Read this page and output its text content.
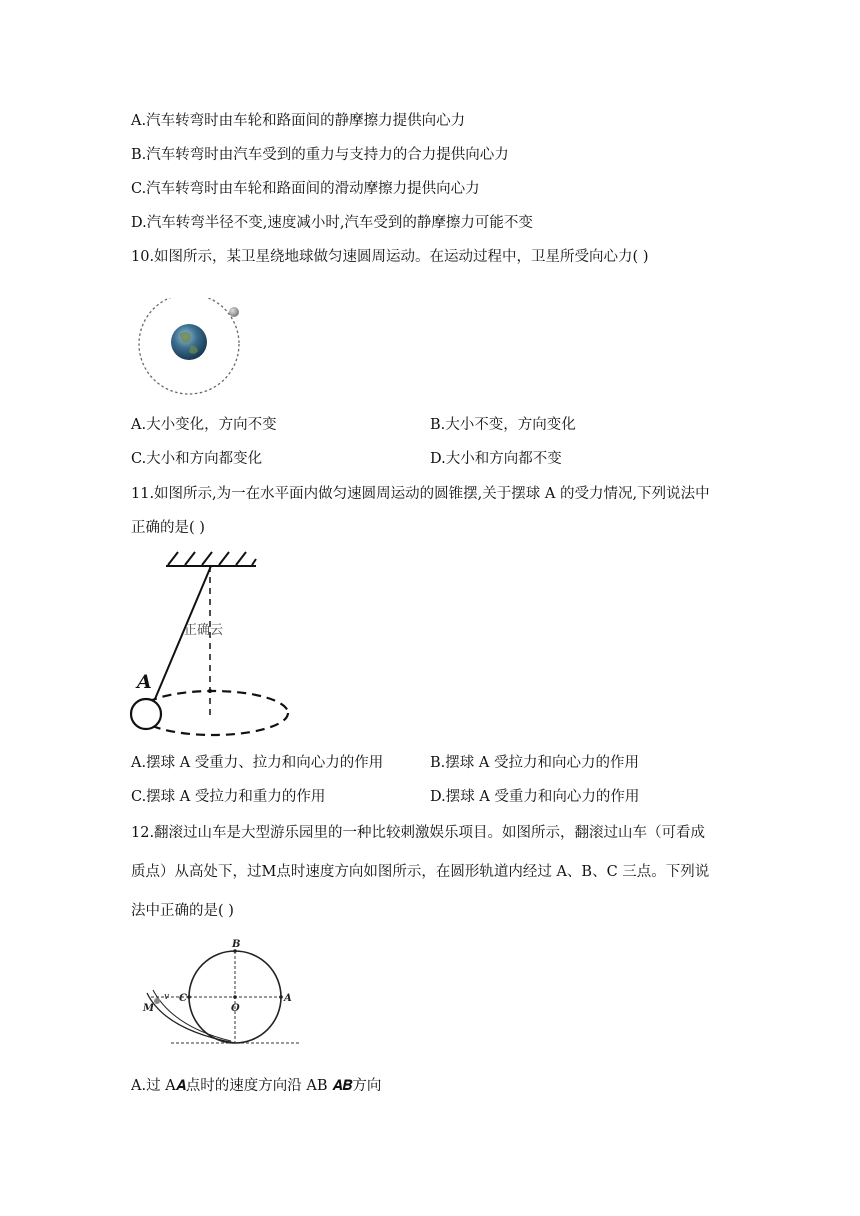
A.汽车转弯时由车轮和路面间的静摩擦力提供向心力
B.汽车转弯时由汽车受到的重力与支持力的合力提供向心力
C.汽车转弯时由车轮和路面间的滑动摩擦力提供向心力
D.汽车转弯半径不变,速度减小时,汽车受到的静摩擦力可能不变
10.如图所示，某卫星绕地球做匀速圆周运动。在运动过程中，卫星所受向心力( )
A.大小变化，方向不变	B.大小不变，方向变化
C.大小和方向都变化	D.大小和方向都不变
11.如图所示,为一在水平面内做匀速圆周运动的圆锥摆,关于摆球 A 的受力情况,下列说法中
正确的是( )
A
正确云
A.摆球 A 受重力、拉力和向心力的作用	B.摆球 A 受拉力和向心力的作用
C.摆球 A 受拉力和重力的作用	D.摆球 A 受重力和向心力的作用
12.翻滚过山车是大型游乐园里的一种比较刺激娱乐项目。如图所示，翻滚过山车（可看成
质点）从高处下，过M点时速度方向如图所示，在圆形轨道内经过 A、B、C 三点。下列说
法中正确的是( )
B
C	A
O
M
v
A.过 A𝑨点时的速度方向沿 AB 𝑨𝑩方向
